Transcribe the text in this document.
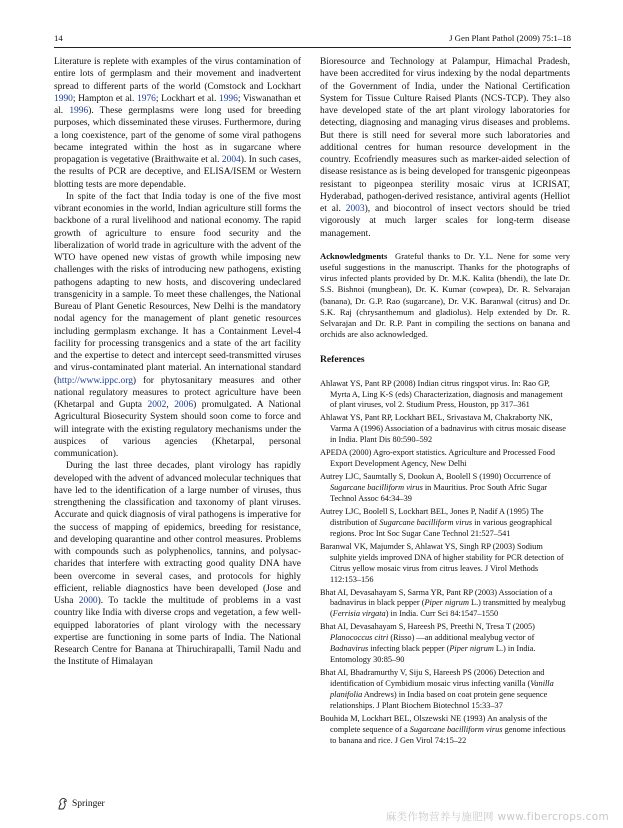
14	J Gen Plant Pathol (2009) 75:1–18

Literature is replete with examples of the virus contamination of entire lots of germplasm and their movement and inadvertent spread to different parts of the world (Comstock and Lockhart 1990; Hampton et al. 1976; Lockhart et al. 1996; Viswanathan et al. 1996). These germplasms were long used for breeding purposes, which disseminated these viruses. Furthermore, during a long coexistence, part of the genome of some viral pathogens became integrated within the host as in sugarcane where propagation is vegetative (Braithwaite et al. 2004). In such cases, the results of PCR are deceptive, and ELISA/ISEM or Western blotting tests are more dependable.

In spite of the fact that India today is one of the five most vibrant economies in the world, Indian agriculture still forms the backbone of a rural livelihood and national economy. The rapid growth of agriculture to ensure food security and the liberalization of world trade in agriculture with the advent of the WTO have opened new vistas of growth while imposing new challenges with the risks of introducing new pathogens, existing pathogens adapting to new hosts, and discovering undeclared transgenicity in a sample. To meet these challenges, the National Bureau of Plant Genetic Resources, New Delhi is the mandatory nodal agency for the management of plant genetic resources including germplasm exchange. It has a Containment Level-4 facility for processing transgenics and a state of the art facility and the expertise to detect and intercept seed-transmitted viruses and virus-contaminated plant material. An international standard (http://www.ippc.org) for phytosanitary measures and other national regulatory measures to protect agriculture have been (Khetarpal and Gupta 2002, 2006) promulgated. A National Agricultural Biosecurity System should soon come to force and will integrate with the existing regulatory mechanisms under the auspices of various agencies (Khetarpal, personal communication).

During the last three decades, plant virology has rapidly developed with the advent of advanced molecular techniques that have led to the identification of a large number of viruses, thus strengthening the classification and taxonomy of plant viruses. Accurate and quick diagnosis of viral pathogens is imperative for the success of mapping of epidemics, breeding for resistance, and developing quarantine and other control measures. Problems with compounds such as polyphenolics, tannins, and polysaccharides that interfere with extracting good quality DNA have been overcome in several cases, and protocols for highly efficient, reliable diagnostics have been developed (Jose and Usha 2000). To tackle the multitude of problems in a vast country like India with diverse crops and vegetation, a few well-equipped laboratories of plant virology with the necessary expertise are functioning in some parts of India. The National Research Centre for Banana at Thiruchirapalli, Tamil Nadu and the Institute of Himalayan

Bioresource and Technology at Palampur, Himachal Pradesh, have been accredited for virus indexing by the nodal departments of the Government of India, under the National Certification System for Tissue Culture Raised Plants (NCS-TCP). They also have developed state of the art plant virology laboratories for detecting, diagnosing and managing virus diseases and problems. But there is still need for several more such laboratories and additional centres for human resource development in the country. Ecofriendly measures such as marker-aided selection of disease resistance as is being developed for transgenic pigeonpeas resistant to pigeonpea sterility mosaic virus at ICRISAT, Hyderabad, pathogen-derived resistance, antiviral agents (Helliot et al. 2003), and biocontrol of insect vectors should be tried vigorously at much larger scales for long-term disease management.

Acknowledgments Grateful thanks to Dr. Y.L. Nene for some very useful suggestions in the manuscript. Thanks for the photographs of virus infected plants provided by Dr. M.K. Kalita (bhendi), the late Dr. S.S. Bishnoi (mungbean), Dr. K. Kumar (cowpea), Dr. R. Selvarajan (banana), Dr. G.P. Rao (sugarcane), Dr. V.K. Baranwal (citrus) and Dr. S.K. Raj (chrysanthemum and gladiolus). Help extended by Dr. R. Selvarajan and Dr. R.P. Pant in compiling the sections on banana and orchids are also acknowledged.

References

Ahlawat YS, Pant RP (2008) Indian citrus ringspot virus. In: Rao GP, Myrta A, Ling K-S (eds) Characterization, diagnosis and management of plant viruses, vol 2. Studium Press, Houston, pp 317–361
Ahlawat YS, Pant RP, Lockhart BEL, Srivastava M, Chakraborty NK, Varma A (1996) Association of a badnavirus with citrus mosaic disease in India. Plant Dis 80:590–592
APEDA (2000) Agro-export statistics. Agriculture and Processed Food Export Development Agency, New Delhi
Autrey LJC, Saumtally S, Dookun A, Boolell S (1990) Occurrence of Sugarcane bacilliform virus in Mauritius. Proc South Afric Sugar Technol Assoc 64:34–39
Autrey LJC, Boolell S, Lockhart BEL, Jones P, Nadif A (1995) The distribution of Sugarcane bacilliform virus in various geographical regions. Proc Int Soc Sugar Cane Technol 21:527–541
Baranwal VK, Majumder S, Ahlawat YS, Singh RP (2003) Sodium sulphite yields improved DNA of higher stability for PCR detection of Citrus yellow mosaic virus from citrus leaves. J Virol Methods 112:153–156
Bhat AI, Devasahayam S, Sarma YR, Pant RP (2003) Association of a badnavirus in black pepper (Piper nigrum L.) transmitted by mealybug (Ferrisia virgata) in India. Curr Sci 84:1547–1550
Bhat AI, Devasahayam S, Hareesh PS, Preethi N, Tresa T (2005) Planococcus citri (Risso) —an additional mealybug vector of Badnavirus infecting black pepper (Piper nigrum L.) in India. Entomology 30:85–90
Bhat AI, Bhadramurthy V, Siju S, Hareesh PS (2006) Detection and identification of Cymbidium mosaic virus infecting vanilla (Vanilla planifolia Andrews) in India based on coat protein gene sequence relationships. J Plant Biochem Biotechnol 15:33–37
Bouhida M, Lockhart BEL, Olszewski NE (1993) An analysis of the complete sequence of a Sugarcane bacilliform virus genome infectious to banana and rice. J Gen Virol 74:15–22
Springer
麻类作物营养与施肥网 www.fibercrops.com
